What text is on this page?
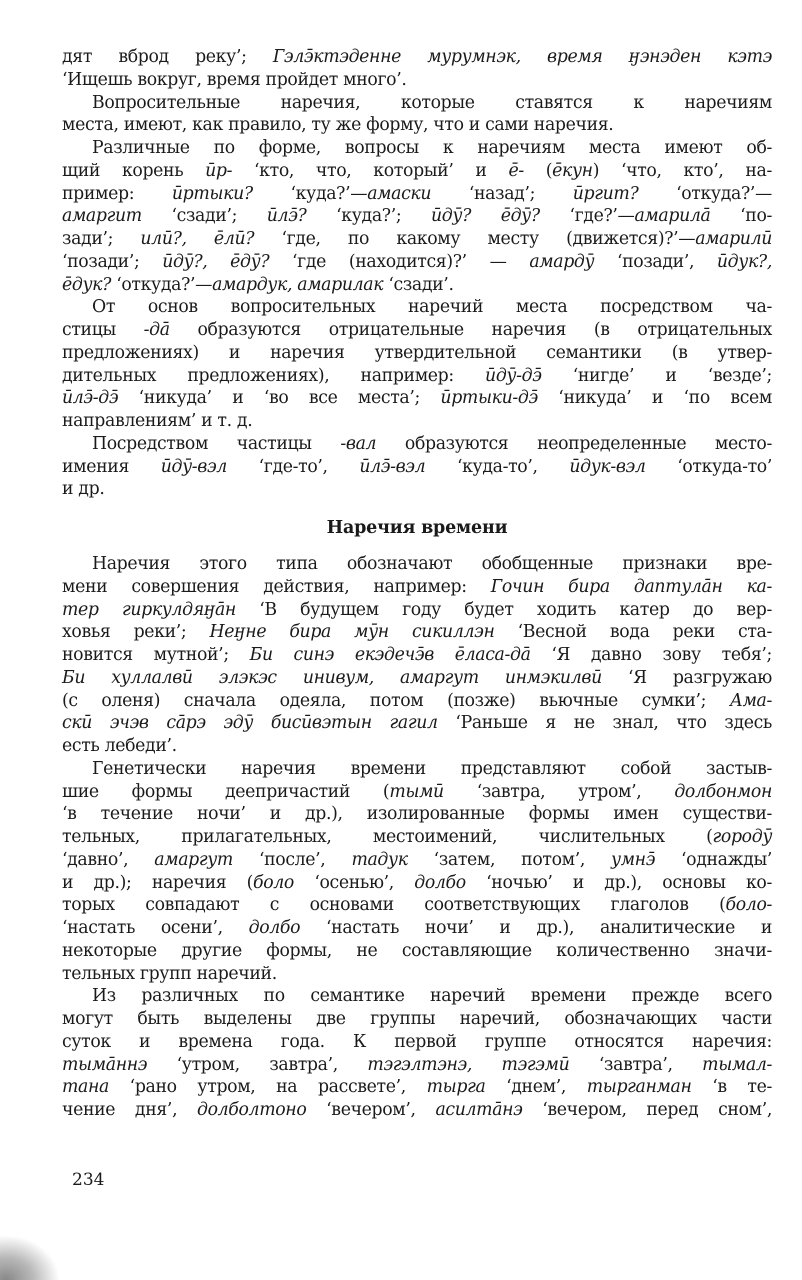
дят вброд реку’; Гэлэ̄ктэденне мурумнэк, время ӈэнэден кэтэ
‘Ищешь вокруг, время пройдет много’.
Вопросительные наречия, которые ставятся к наречиям
места, имеют, как правило, ту же форму, что и сами наречия.
Различные по форме, вопросы к наречиям места имеют об-
щий корень ӣр- ‘кто, что, который’ и ē- (ēкун) ‘что, кто’, на-
пример: ӣртыки? ‘куда?’—амаски ‘назад’; ӣргит? ‘откуда?’—
амаргит ‘сзади’; ӣлэ̄? ‘куда?’; ӣдӯ? ēдӯ? ‘где?’—амарила̄ ‘по-
зади’; илӣ?, ēлӣ? ‘где, по какому месту (движется)?’—амарилӣ
‘позади’; ӣдӯ?, ēдӯ? ‘где (находится)?’ — амардӯ ‘позади’, ӣдук?,
ēдук? ‘откуда?’—амардук, амарилак ‘сзади’.
От основ вопросительных наречий места посредством ча-
стицы -да̄ образуются отрицательные наречия (в отрицательных
предложениях) и наречия утвердительной семантики (в утвер-
дительных предложениях), например: ӣдӯ-дэ̄ ‘нигде’ и ‘везде’;
ӣлэ̄-дэ̄ ‘никуда’ и ‘во все места’; ӣртыки-дэ̄ ‘никуда’ и ‘по всем
направлениям’ и т. д.
Посредством частицы -вал образуются неопределенные место-
имения ӣдӯ-вэл ‘где-то’, ӣлэ̄-вэл ‘куда-то’, ӣдук-вэл ‘откуда-то’
и др.
Наречия времени
Наречия этого типа обозначают обобщенные признаки вре-
мени совершения действия, например: Гочин бира даптула̄н ка-
тер гиркулдяӈа̄н ‘В будущем году будет ходить катер до вер-
ховья реки’; Неӈне бира мӯн сикиллэн ‘Весной вода реки ста-
новится мутной’; Би синэ екэдечэ̄в ēласа-да̄ ‘Я давно зову тебя’;
Би хуллалвӣ элэкэс инивум, амаргут инмэкилвӣ ‘Я разгружаю
(с оленя) сначала одеяла, потом (позже) вьючные сумки’; Ама-
скӣ эчэв са̄рэ эдӯ бисӣвэтын гагил ‘Раньше я не знал, что здесь
есть лебеди’.
Генетически наречия времени представляют собой застыв-
шие формы деепричастий (тымӣ ‘завтра, утром’, долбонмон
‘в течение ночи’ и др.), изолированные формы имен существи-
тельных, прилагательных, местоимений, числительных (городӯ
‘давно’, амаргут ‘после’, тадук ‘затем, потом’, умнэ̄ ‘однажды’
и др.); наречия (боло ‘осенью’, долбо ‘ночью’ и др.), основы ко-
торых совпадают с основами соответствующих глаголов (боло-
‘настать осени’, долбо ‘настать ночи’ и др.), аналитические и
некоторые другие формы, не составляющие количественно значи-
тельных групп наречий.
Из различных по семантике наречий времени прежде всего
могут быть выделены две группы наречий, обозначающих части
суток и времена года. К первой группе относятся наречия:
тыма̄ннэ ‘утром, завтра’, тэгэлтэнэ, тэгэмӣ ‘завтра’, тымал-
тана ‘рано утром, на рассвете’, тырга ‘днем’, тырганман ‘в те-
чение дня’, долболтоно ‘вечером’, асилта̄нэ ‘вечером, перед сном’,
234
